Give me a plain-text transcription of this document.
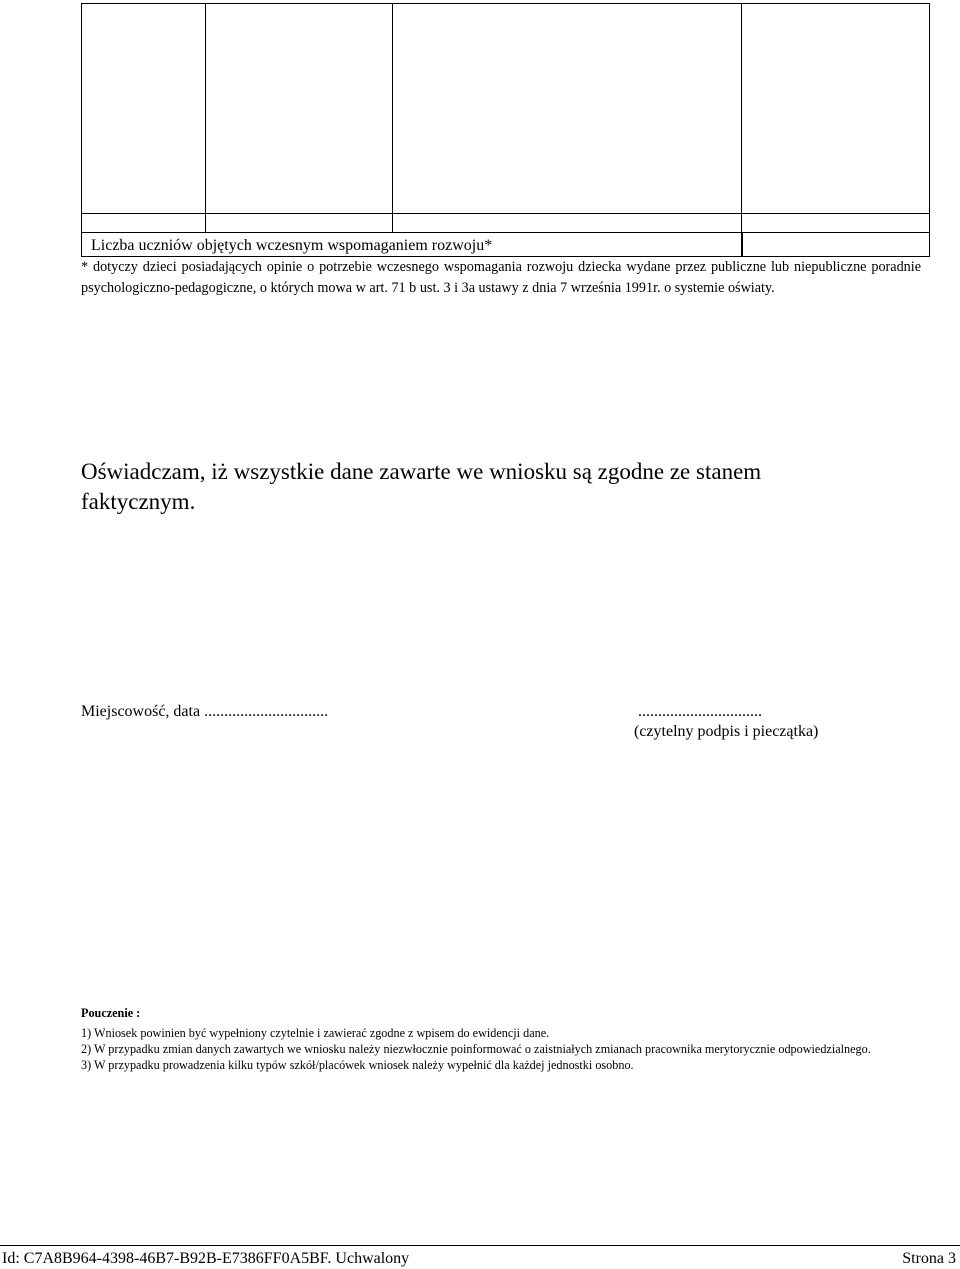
Liczba uczniów objętych wczesnym wspomaganiem rozwoju*
* dotyczy dzieci posiadających opinie o potrzebie wczesnego wspomagania rozwoju dziecka wydane przez publiczne lub niepubliczne poradnie psychologiczno-pedagogiczne, o których mowa w art. 71 b ust. 3 i 3a ustawy z dnia 7 września 1991r. o systemie oświaty.
Oświadczam, iż wszystkie dane zawarte we wniosku są zgodne ze stanem faktycznym.
Miejscowość, data ...............................	...............................
(czytelny podpis i pieczątka)
Pouczenie :
1) Wniosek powinien być wypełniony czytelnie i zawierać zgodne z wpisem do ewidencji dane.
2) W przypadku zmian danych zawartych we wniosku należy niezwłocznie poinformować o zaistniałych zmianach pracownika merytorycznie odpowiedzialnego.
3) W przypadku prowadzenia kilku typów szkół/placówek wniosek należy wypełnić dla każdej jednostki osobno.
Id: C7A8B964-4398-46B7-B92B-E7386FF0A5BF. Uchwalony	Strona 3
